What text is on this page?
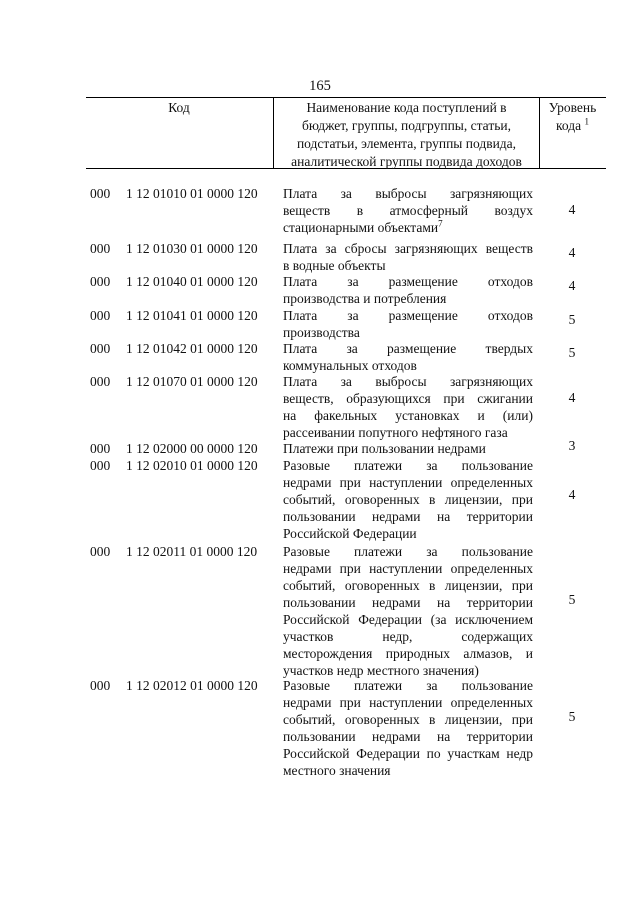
165
Код	Наименование кода поступлений в
бюджет, группы, подгруппы, статьи,
подстатьи, элемента, группы подвида,
аналитической группы подвида доходов
Уровень
кода $^1$
000	1 12 01010 01 0000 120	Плата за выбросы загрязняющих
веществ в атмосферный воздух
стационарными объектами$^7$
4
000	1 12 01030 01 0000 120	Плата за сбросы загрязняющих веществ
в водные объекты
4
000	1 12 01040 01 0000 120	Плата за размещение отходов
производства и потребления
4
000	1 12 01041 01 0000 120	Плата за размещение отходов
производства
5
000	1 12 01042 01 0000 120	Плата за размещение твердых
коммунальных отходов
5
000	1 12 01070 01 0000 120	Плата за выбросы загрязняющих
веществ, образующихся при сжигании
на факельных установках и (или)
рассеивании попутного нефтяного газа
4
000	1 12 02000 00 0000 120	Платежи при пользовании недрами	3
000	1 12 02010 01 0000 120	Разовые платежи за пользование
недрами при наступлении определенных
событий, оговоренных в лицензии, при
пользовании недрами на территории
Российской Федерации
4
000	1 12 02011 01 0000 120	Разовые платежи за пользование
недрами при наступлении определенных
событий, оговоренных в лицензии, при
пользовании недрами на территории
Российской Федерации (за исключением
участков недр, содержащих
месторождения природных алмазов, и
участков недр местного значения)
5
000	1 12 02012 01 0000 120	Разовые платежи за пользование
недрами при наступлении определенных
событий, оговоренных в лицензии, при
пользовании недрами на территории
Российской Федерации по участкам недр
местного значения
5
